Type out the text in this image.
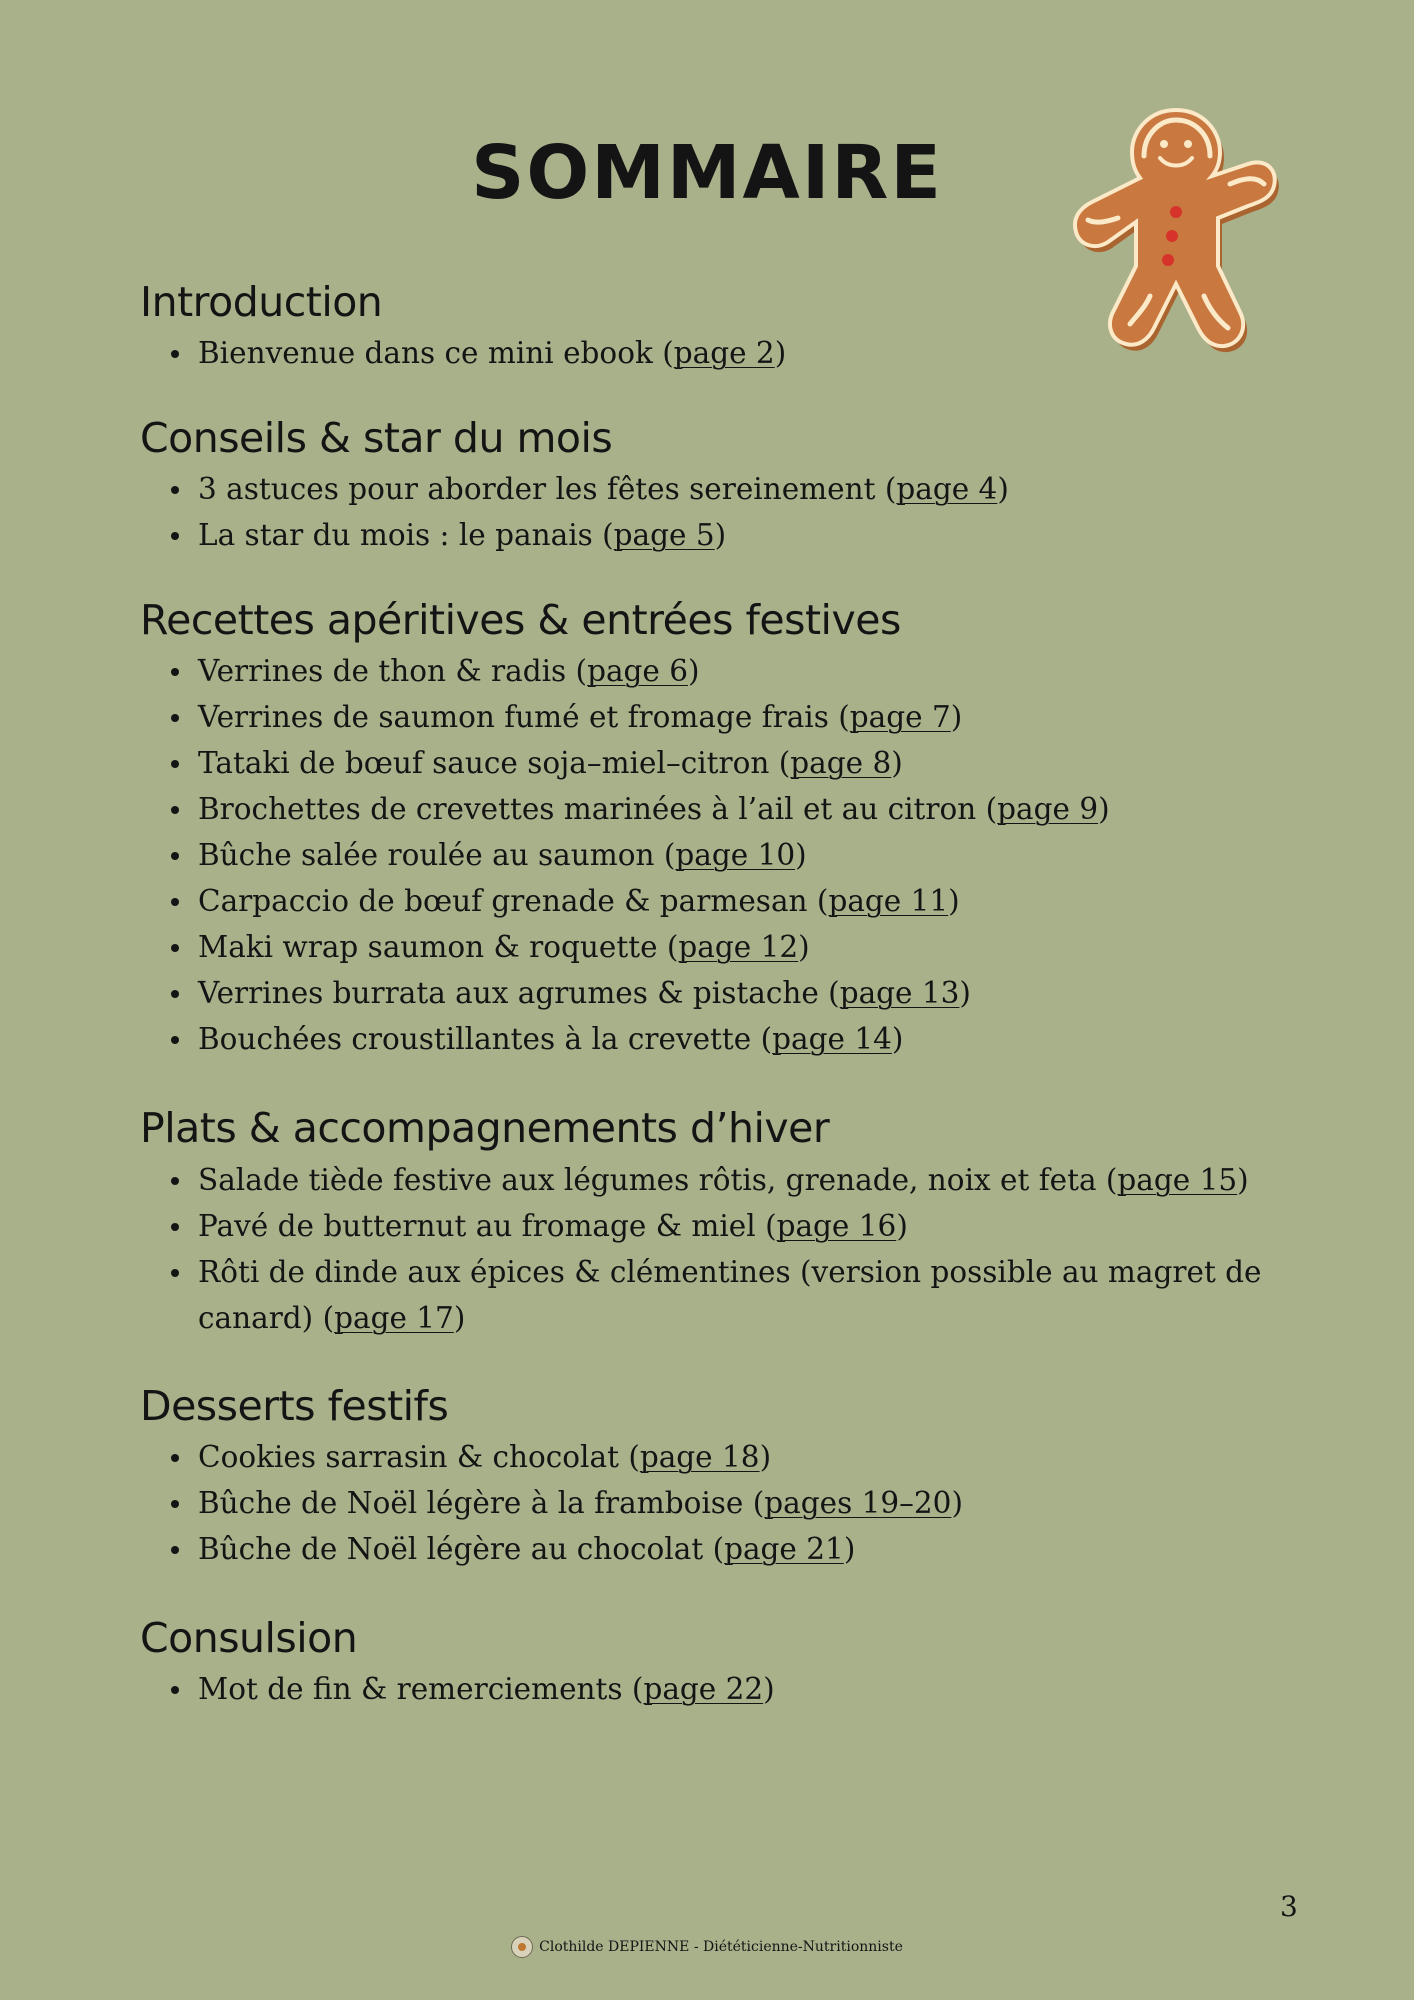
SOMMAIRE
Introduction
Bienvenue dans ce mini ebook (page 2)
Conseils & star du mois
3 astuces pour aborder les fêtes sereinement (page 4)
La star du mois : le panais (page 5)
Recettes apéritives & entrées festives
Verrines de thon & radis (page 6)
Verrines de saumon fumé et fromage frais (page 7)
Tataki de bœuf sauce soja–miel–citron (page 8)
Brochettes de crevettes marinées à l’ail et au citron (page 9)
Bûche salée roulée au saumon (page 10)
Carpaccio de bœuf grenade & parmesan (page 11)
Maki wrap saumon & roquette (page 12)
Verrines burrata aux agrumes & pistache (page 13)
Bouchées croustillantes à la crevette (page 14)
Plats & accompagnements d’hiver
Salade tiède festive aux légumes rôtis, grenade, noix et feta (page 15)
Pavé de butternut au fromage & miel (page 16)
Rôti de dinde aux épices & clémentines (version possible au magret de canard) (page 17)
Desserts festifs
Cookies sarrasin & chocolat (page 18)
Bûche de Noël légère à la framboise (pages 19–20)
Bûche de Noël légère au chocolat (page 21)
Consulsion
Mot de fin & remerciements (page 22)
3
Clothilde DEPIENNE - Diététicienne-Nutritionniste
